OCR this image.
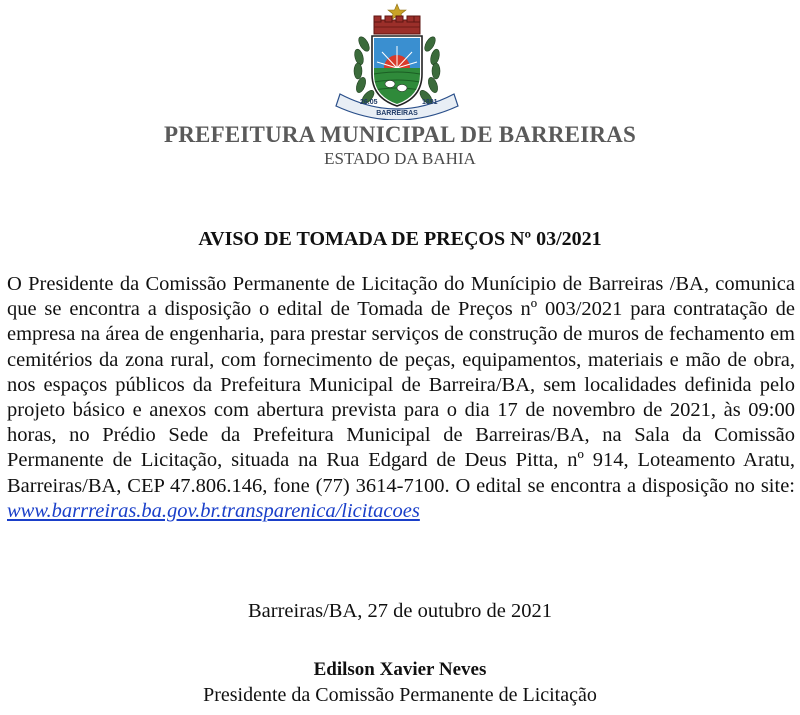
26.05	1891
BARREIRAS
PREFEITURA MUNICIPAL DE BARREIRAS
ESTADO DA BAHIA
AVISO DE TOMADA DE PREÇOS Nº 03/2021

O Presidente da Comissão Permanente de Licitação do Munícipio de Barreiras /BA, comunica que se encontra a disposição o edital de Tomada de Preços nº 003/2021 para contratação de empresa na área de engenharia, para prestar serviços de construção de muros de fechamento em cemitérios da zona rural, com fornecimento de peças, equipamentos, materiais e mão de obra, nos espaços públicos da Prefeitura Municipal de Barreira/BA, sem localidades definida pelo projeto básico e anexos com abertura prevista para o dia 17 de novembro de 2021, às 09:00 horas, no Prédio Sede da Prefeitura Municipal de Barreiras/BA, na Sala da Comissão Permanente de Licitação, situada na Rua Edgard de Deus Pitta, nº 914, Loteamento Aratu, Barreiras/BA, CEP 47.806.146, fone (77) 3614-7100. O edital se encontra a disposição no site: www.barrreiras.ba.gov.br.transparenica/licitacoes

Barreiras/BA, 27 de outubro de 2021
Edilson Xavier Neves
Presidente da Comissão Permanente de Licitação
